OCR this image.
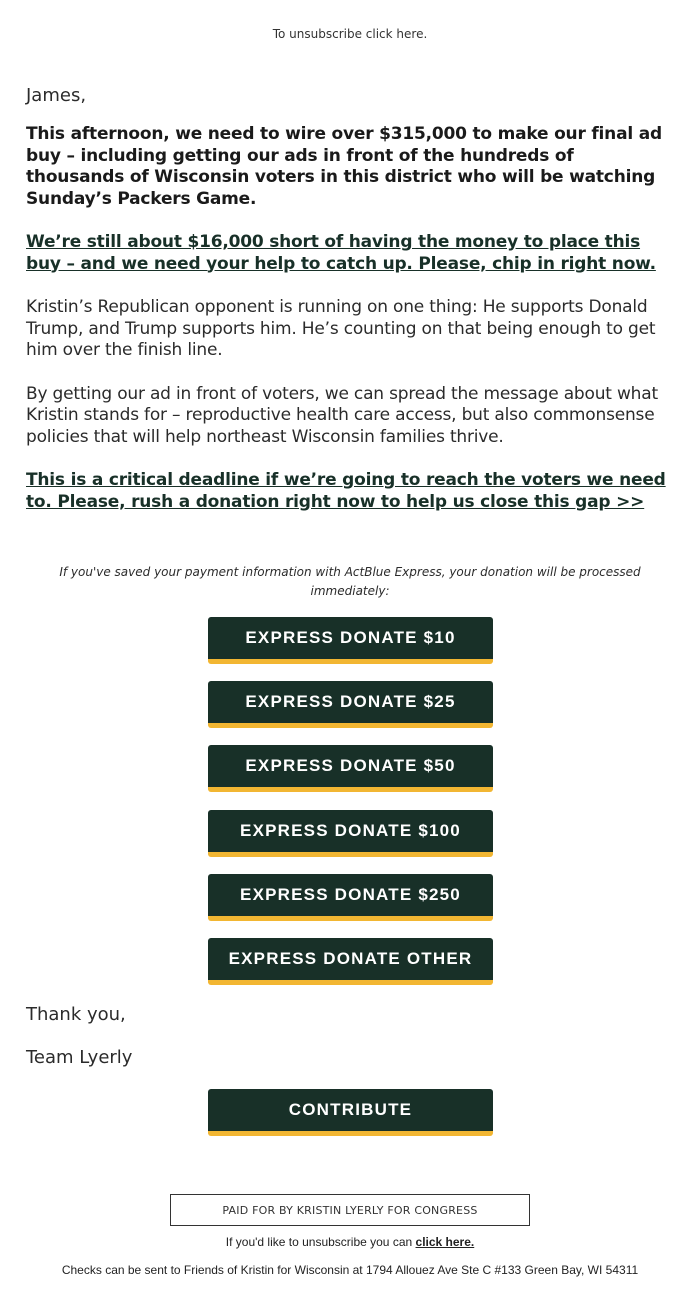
To unsubscribe click here.

James,

This afternoon, we need to wire over $315,000 to make our final ad buy – including getting our ads in front of the hundreds of thousands of Wisconsin voters in this district who will be watching Sunday’s Packers Game.

We’re still about $16,000 short of having the money to place this buy – and we need your help to catch up. Please, chip in right now.

Kristin’s Republican opponent is running on one thing: He supports Donald Trump, and Trump supports him. He’s counting on that being enough to get him over the finish line.

By getting our ad in front of voters, we can spread the message about what Kristin stands for – reproductive health care access, but also commonsense policies that will help northeast Wisconsin families thrive.

This is a critical deadline if we’re going to reach the voters we need to. Please, rush a donation right now to help us close this gap >>

If you've saved your payment information with ActBlue Express, your donation will be processed immediately:
EXPRESS DONATE $10
EXPRESS DONATE $25
EXPRESS DONATE $50
EXPRESS DONATE $100
EXPRESS DONATE $250
EXPRESS DONATE OTHER
Thank you,
Team Lyerly
CONTRIBUTE
PAID FOR BY KRISTIN LYERLY FOR CONGRESS
If you'd like to unsubscribe you can click here.
Checks can be sent to Friends of Kristin for Wisconsin at 1794 Allouez Ave Ste C #133 Green Bay, WI 54311
